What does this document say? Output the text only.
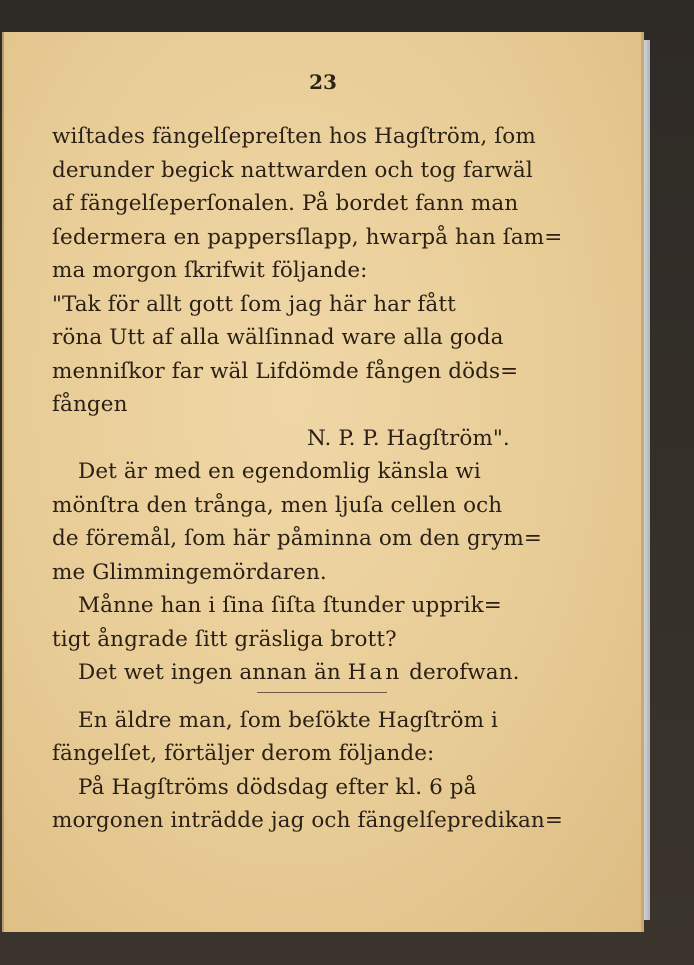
23
wiſtades fängelſepreſten hos Hagſtröm, ſom
derunder begick nattwarden och tog farwäl
af fängelſeperſonalen. På bordet fann man
ſedermera en pappersſlapp, hwarpå han ſam=
ma morgon ſkrifwit följande:
"Tak för allt gott ſom jag här har fått
röna Utt af alla wälſinnad ware alla goda
menniſkor far wäl Lifdömde fången döds=
fången
N. P. P. Hagſtröm".
Det är med en egendomlig känsla wi
mönſtra den trånga, men ljuſa cellen och
de föremål, ſom här påminna om den grym=
me Glimmingemördaren.
Månne han i ſina ſiſta ſtunder upprik=
tigt ångrade ſitt gräsliga brott?
Det wet ingen annan än Han derofwan.
En äldre man, ſom beſökte Hagſtröm i
fängelſet, förtäljer derom följande:
På Hagſtröms dödsdag efter kl. 6 på
morgonen inträdde jag och fängelſepredikan=
